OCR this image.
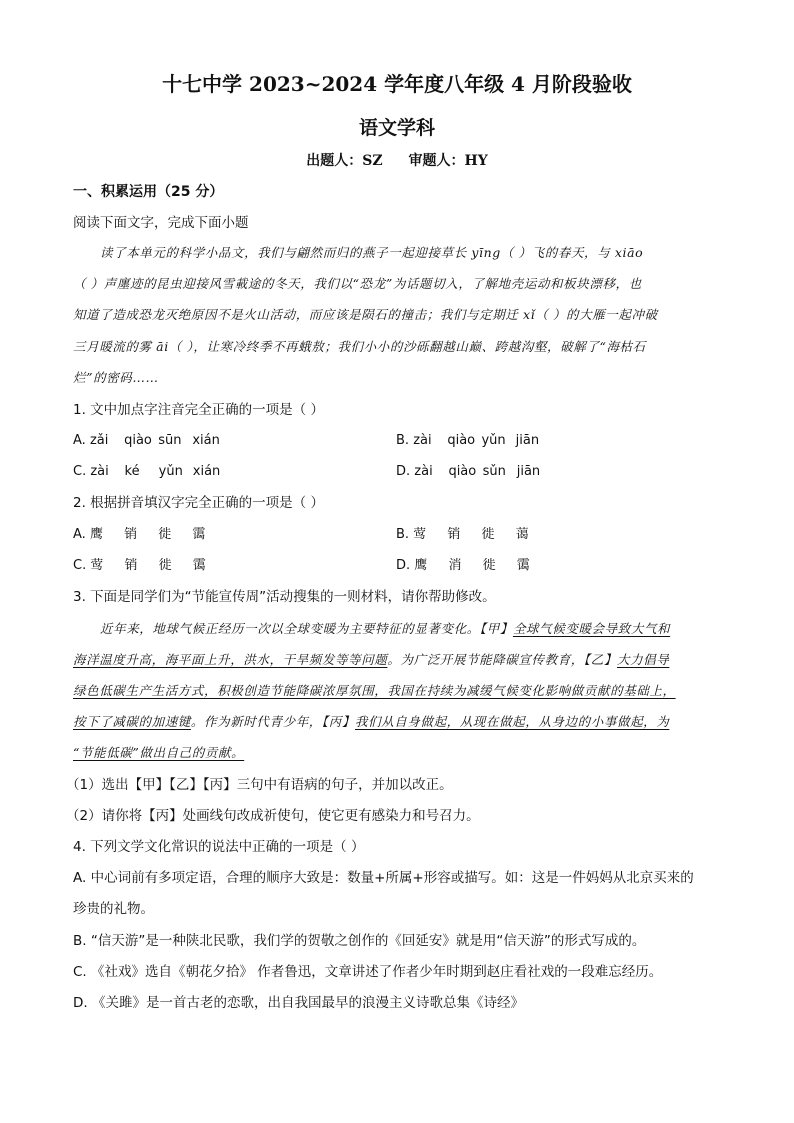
十七中学 2023~2024 学年度八年级 4 月阶段验收
语文学科
出题人：SZ 审题人：HY
一、积累运用（25 分）
阅读下面文字，完成下面小题
读了本单元的科学小品文，我们与翩然而归的燕子一起迎接草长 yīng（ ）飞的春天，与 xiāo
（ ）声廛迹的昆虫迎接风雪載途的冬天，我们以“恐龙”为话题切入，了解地壳运动和板块漂移，也
知道了造成恐龙灭绝原因不是火山活动，而应该是陨石的撞击；我们与定期迁 xǐ（ ）的大雁一起冲破
三月暖流的雾 āi（ ），让寒冷终季不再蛾敖；我们小小的沙砾翻越山巅、跨越沟壑，破解了“海枯石
烂”的密码……
1. 文中加点字注音完全正确的一项是（ ）
A. zǎi qiào sūn xián	B. zài qiào yǔn jiān
C. zài ké yǔn xián	D. zài qiào sǔn jiān
2. 根据拼音填汉字完全正确的一项是（ ）
A. 鹰 销 徙 霭	B. 莺 销 徙 蔼
C. 莺 销 徙 霭	D. 鹰 消 徙 霭
3. 下面是同学们为“节能宣传周”活动搜集的一则材料，请你帮助修改。
近年来，地球气候正经历一次以全球变暖为主要特征的显著变化。【甲】全球气候变暖会导致大气和
海洋温度升高，海平面上升，洪水，干旱频发等等问题。为广泛开展节能降碳宣传教育，【乙】大力倡导
绿色低碳生产生活方式，积极创造节能降碳浓厚氛围，我国在持续为减缓气候变化影响做贡献的基础上，
按下了减碳的加速键。作为新时代青少年，【丙】我们从自身做起，从现在做起，从身边的小事做起，为
“节能低碳”做出自己的贡献。
（1）选出【甲】【乙】【丙】三句中有语病的句子，并加以改正。
（2）请你将【丙】处画线句改成祈使句，使它更有感染力和号召力。
4. 下列文学文化常识的说法中正确的一项是（ ）
A. 中心词前有多项定语，合理的顺序大致是：数量+所属+形容或描写。如：这是一件妈妈从北京买来的
珍贵的礼物。
B. “信天游”是一种陕北民歌，我们学的贺敬之创作的《回延安》就是用“信天游”的形式写成的。
C. 《社戏》选自《朝花夕拾》 作者鲁迅，文章讲述了作者少年时期到赵庄看社戏的一段难忘经历。
D. 《关雎》是一首古老的恋歌，出自我国最早的浪漫主义诗歌总集《诗经》
